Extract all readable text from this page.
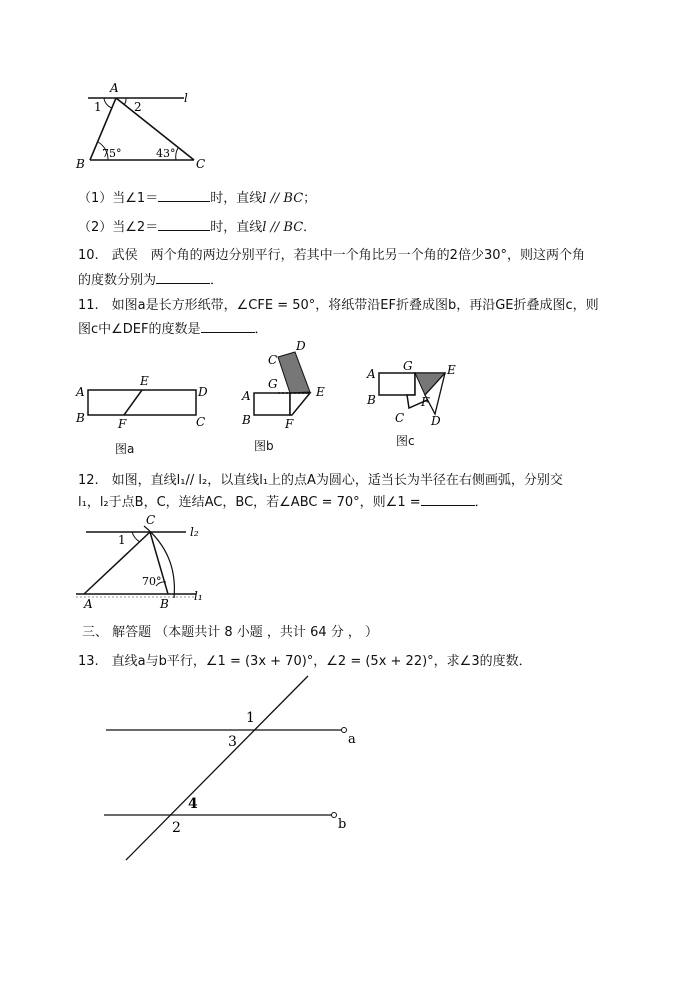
A
l
1	2
B	C
75°	43°
（1）当∠1＝	时，直线l // BC；
（2）当∠2＝	时，直线l // BC．
10.　武侯　两个角的两边分别平行，若其中一个角比另一个角的2倍少30°，则这两个角
的度数分别为	．
11.　如图a是长方形纸带，∠CFE = 50°，将纸带沿EF折叠成图b，再沿GE折叠成图c，则
图c中∠DEF的度数是	．
A
B
D
C
E
F
图a
C
D
G
E
A
B	F
图b
A
B
G	E
C
F
D
图c
12.　如图，直线l₁// l₂，以直线l₁上的点A为圆心，适当长为半径在右侧画弧，分别交
l₁，l₂于点B，C，连结AC，BC，若∠ABC = 70°，则∠1 =	．
C
1
70°
A	B
l₂
l₁
三、 解答题 （本题共计 8 小题 ，共计 64 分 ， ）
13.　直线a与b平行，∠1 = (3x + 70)°，∠2 = (5x + 22)°，求∠3的度数．
1
3
4
2
a
b
